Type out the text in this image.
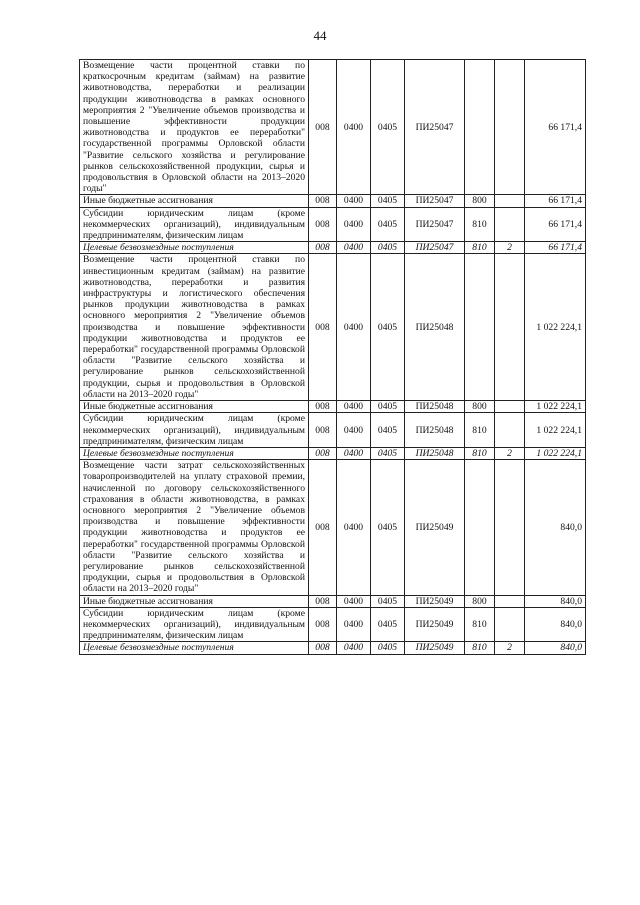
44
Возмещение части процентной ставки по краткосрочным кредитам (займам) на развитие животноводства, переработки и реализации продукции животноводства в рамках основного мероприятия 2 "Увеличение объемов производства и повышение эффективности продукции животноводства и продуктов ее переработки" государственной программы Орловской области "Развитие сельского хозяйства и регулирование рынков сельскохозяйственной продукции, сырья и продовольствия в Орловской области на 2013–2020 годы"	008	0400	0405	ПИ25047			66 171,4
Иные бюджетные ассигнования	008	0400	0405	ПИ25047	800		66 171,4
Субсидии юридическим лицам (кроме некоммерческих организаций), индивидуальным предпринимателям, физическим лицам	008	0400	0405	ПИ25047	810		66 171,4
Целевые безвозмездные поступления	008	0400	0405	ПИ25047	810	2	66 171,4
Возмещение части процентной ставки по инвестиционным кредитам (займам) на развитие животноводства, переработки и развития инфраструктуры и логистического обеспечения рынков продукции животноводства в рамках основного мероприятия 2 "Увеличение объемов производства и повышение эффективности продукции животноводства и продуктов ее переработки" государственной программы Орловской области "Развитие сельского хозяйства и регулирование рынков сельскохозяйственной продукции, сырья и продовольствия в Орловской области на 2013–2020 годы"	008	0400	0405	ПИ25048			1 022 224,1
Иные бюджетные ассигнования	008	0400	0405	ПИ25048	800		1 022 224,1
Субсидии юридическим лицам (кроме некоммерческих организаций), индивидуальным предпринимателям, физическим лицам	008	0400	0405	ПИ25048	810		1 022 224,1
Целевые безвозмездные поступления	008	0400	0405	ПИ25048	810	2	1 022 224,1
Возмещение части затрат сельскохозяйственных товаропроизводителей на уплату страховой премии, начисленной по договору сельскохозяйственного страхования в области животноводства, в рамках основного мероприятия 2 "Увеличение объемов производства и повышение эффективности продукции животноводства и продуктов ее переработки" государственной программы Орловской области "Развитие сельского хозяйства и регулирование рынков сельскохозяйственной продукции, сырья и продовольствия в Орловской области на 2013–2020 годы"	008	0400	0405	ПИ25049			840,0
Иные бюджетные ассигнования	008	0400	0405	ПИ25049	800		840,0
Субсидии юридическим лицам (кроме некоммерческих организаций), индивидуальным предпринимателям, физическим лицам	008	0400	0405	ПИ25049	810		840,0
Целевые безвозмездные поступления	008	0400	0405	ПИ25049	810	2	840,0
